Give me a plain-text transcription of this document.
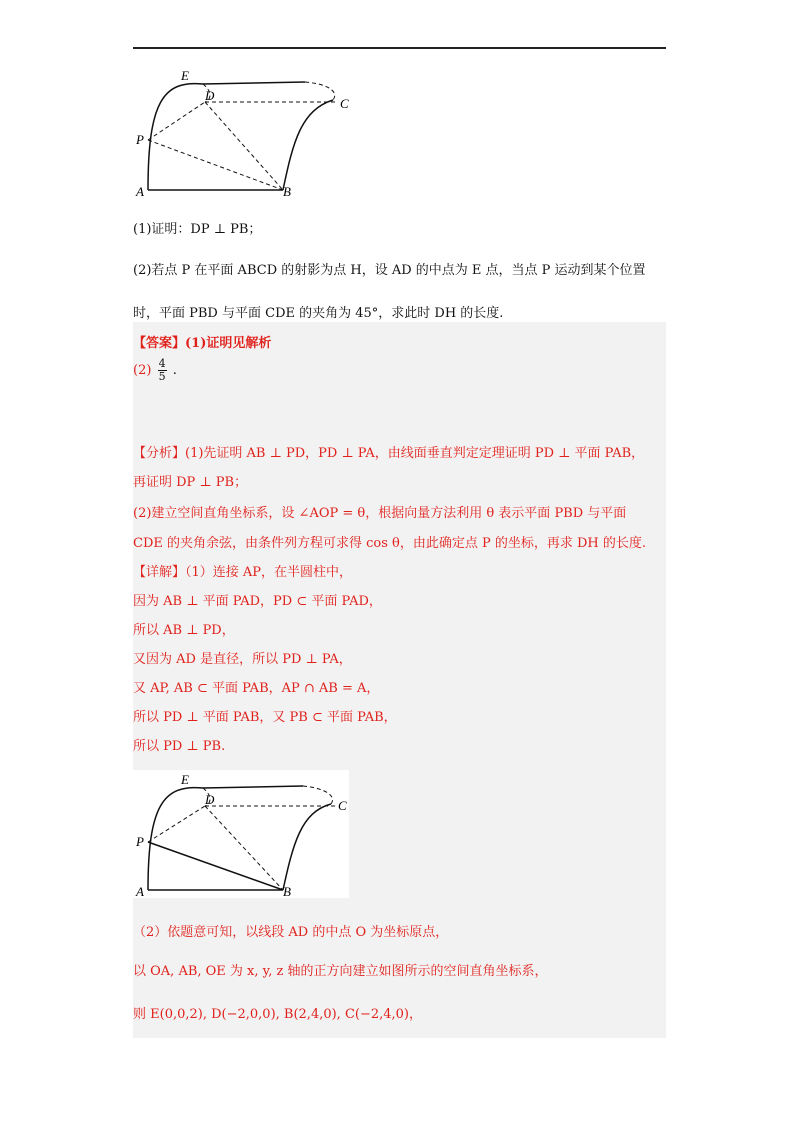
E
D
C
P
A	B
(1)证明：DP ⊥ PB；
(2)若点 P 在平面 ABCD 的射影为点 H，设 AD 的中点为 E 点，当点 P 运动到某个位置
时，平面 PBD 与平面 CDE 的夹角为 45°，求此时 DH 的长度.
【答案】(1)证明见解析
$(2) \frac{4}{5}$ .
【分析】(1)先证明 AB ⊥ PD，PD ⊥ PA，由线面垂直判定定理证明 PD ⊥ 平面 PAB，
再证明 DP ⊥ PB；
(2)建立空间直角坐标系，设 ∠AOP = θ，根据向量方法利用 θ 表示平面 PBD 与平面
CDE 的夹角余弦，由条件列方程可求得 cos θ，由此确定点 P 的坐标，再求 DH 的长度.
【详解】（1）连接 AP，在半圆柱中，
因为 AB ⊥ 平面 PAD，PD ⊂ 平面 PAD，
所以 AB ⊥ PD，
又因为 AD 是直径，所以 PD ⊥ PA，
又 AP, AB ⊂ 平面 PAB，AP ∩ AB = A，
所以 PD ⊥ 平面 PAB，又 PB ⊂ 平面 PAB，
所以 PD ⊥ PB.
E
D	C
P
A	B
（2）依题意可知，以线段 AD 的中点 O 为坐标原点，
以 OA, AB, OE 为 x, y, z 轴的正方向建立如图所示的空间直角坐标系，
则 E(0,0,2), D(−2,0,0), B(2,4,0), C(−2,4,0)，
